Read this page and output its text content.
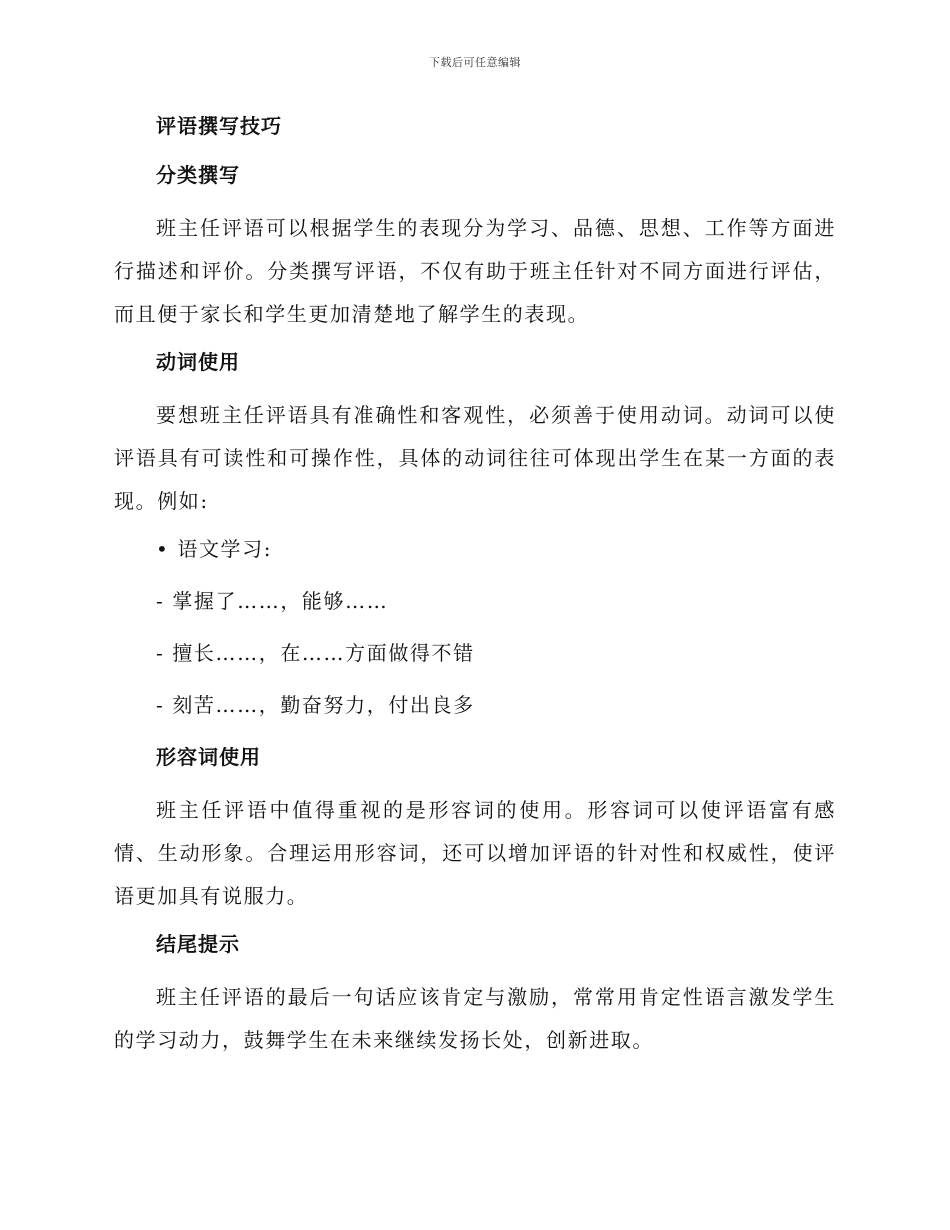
下载后可任意编辑
评语撰写技巧
分类撰写

班主任评语可以根据学生的表现分为学习、品德、思想、工作等方面进行描述和评价。分类撰写评语，不仅有助于班主任针对不同方面进行评估，而且便于家长和学生更加清楚地了解学生的表现。

动词使用

要想班主任评语具有准确性和客观性，必须善于使用动词。动词可以使评语具有可读性和可操作性，具体的动词往往可体现出学生在某一方面的表现。例如:

• 语文学习:
- 掌握了……，能够……
- 擅长……，在……方面做得不错
- 刻苦……，勤奋努力，付出良多
形容词使用

班主任评语中值得重视的是形容词的使用。形容词可以使评语富有感情、生动形象。合理运用形容词，还可以增加评语的针对性和权威性，使评语更加具有说服力。

结尾提示

班主任评语的最后一句话应该肯定与激励，常常用肯定性语言激发学生的学习动力，鼓舞学生在未来继续发扬长处，创新进取。
